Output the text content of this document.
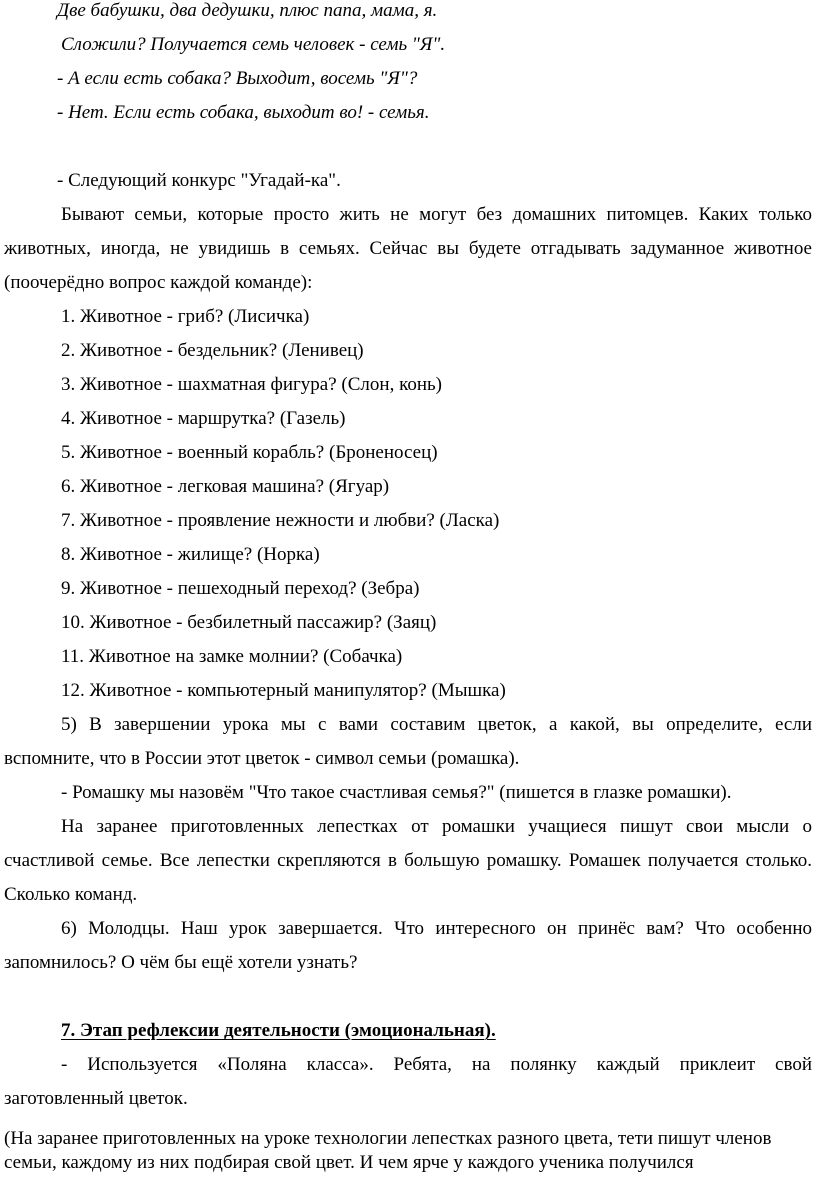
Две бабушки, два дедушки, плюс папа, мама, я.
Сложили? Получается семь человек - семь "Я".
- А если есть собака? Выходит, восемь "Я"?
- Нет. Если есть собака, выходит во! - семья.
- Следующий конкурс "Угадай-ка".
Бывают семьи, которые просто жить не могут без домашних питомцев. Каких только
животных, иногда, не увидишь в семьях. Сейчас вы будете отгадывать задуманное животное
(поочерёдно вопрос каждой команде):
1. Животное - гриб? (Лисичка)
2. Животное - бездельник? (Ленивец)
3. Животное - шахматная фигура? (Слон, конь)
4. Животное - маршрутка? (Газель)
5. Животное - военный корабль? (Броненосец)
6. Животное - легковая машина? (Ягуар)
7. Животное - проявление нежности и любви? (Ласка)
8. Животное - жилище? (Норка)
9. Животное - пешеходный переход? (Зебра)
10. Животное - безбилетный пассажир? (Заяц)
11. Животное на замке молнии? (Собачка)
12. Животное - компьютерный манипулятор? (Мышка)
5) В завершении урока мы с вами составим цветок, а какой, вы определите, если
вспомните, что в России этот цветок - символ семьи (ромашка).
- Ромашку мы назовём "Что такое счастливая семья?" (пишется в глазке ромашки).
На заранее приготовленных лепестках от ромашки учащиеся пишут свои мысли о
счастливой семье. Все лепестки скрепляются в большую ромашку. Ромашек получается столько.
Сколько команд.
6) Молодцы. Наш урок завершается. Что интересного он принёс вам? Что особенно
запомнилось? О чём бы ещё хотели узнать?
7. Этап рефлексии деятельности (эмоциональная).
- Используется «Поляна класса». Ребята, на полянку каждый приклеит свой
заготовленный цветок.
(На заранее приготовленных на уроке технологии лепестках разного цвета, тети пишут членов
семьи, каждому из них подбирая свой цвет. И чем ярче у каждого ученика получился
